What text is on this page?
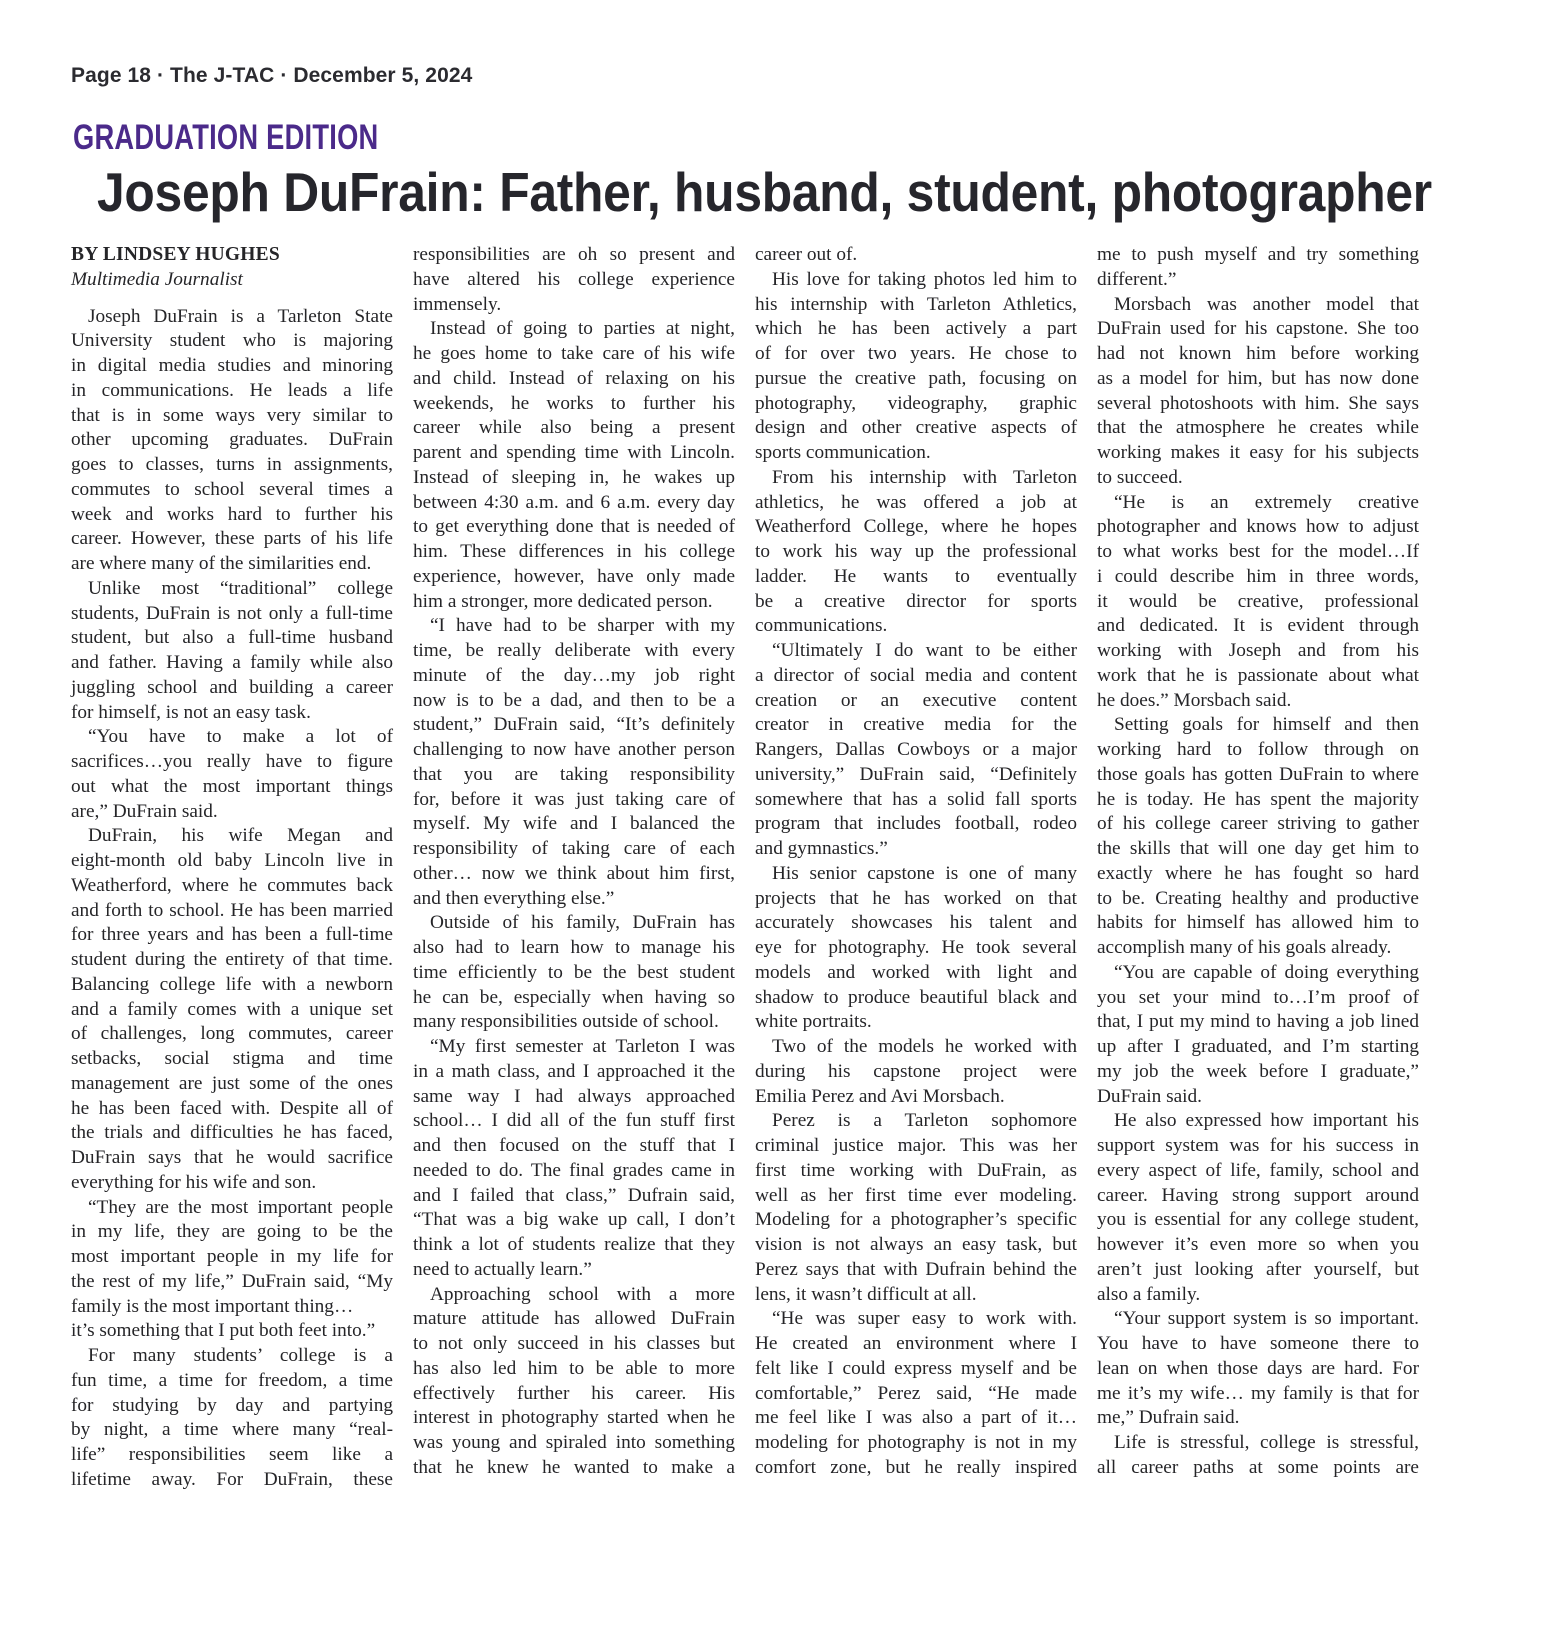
Page 18 · The J-TAC · December 5, 2024
GRADUATION EDITION
Joseph DuFrain: Father, husband, student, photographer
BY LINDSEY HUGHES
Multimedia Journalist
Joseph DuFrain is a Tarleton State
University student who is majoring
in digital media studies and minoring
in communications. He leads a life
that is in some ways very similar to
other upcoming graduates. DuFrain
goes to classes, turns in assignments,
commutes to school several times a
week and works hard to further his
career. However, these parts of his life
are where many of the similarities end.
Unlike most “traditional” college
students, DuFrain is not only a full-time
student, but also a full-time husband
and father. Having a family while also
juggling school and building a career
for himself, is not an easy task.
“You have to make a lot of
sacrifices…you really have to figure
out what the most important things
are,” DuFrain said.
DuFrain, his wife Megan and
eight-month old baby Lincoln live in
Weatherford, where he commutes back
and forth to school. He has been married
for three years and has been a full-time
student during the entirety of that time.
Balancing college life with a newborn
and a family comes with a unique set
of challenges, long commutes, career
setbacks, social stigma and time
management are just some of the ones
he has been faced with. Despite all of
the trials and difficulties he has faced,
DuFrain says that he would sacrifice
everything for his wife and son.
“They are the most important people
in my life, they are going to be the
most important people in my life for
the rest of my life,” DuFrain said, “My
family is the most important thing…
it’s something that I put both feet into.”
For many students’ college is a
fun time, a time for freedom, a time
for studying by day and partying
by night, a time where many “real-
life” responsibilities seem like a
lifetime away. For DuFrain, these
responsibilities are oh so present and
have altered his college experience
immensely.
Instead of going to parties at night,
he goes home to take care of his wife
and child. Instead of relaxing on his
weekends, he works to further his
career while also being a present
parent and spending time with Lincoln.
Instead of sleeping in, he wakes up
between 4:30 a.m. and 6 a.m. every day
to get everything done that is needed of
him. These differences in his college
experience, however, have only made
him a stronger, more dedicated person.
“I have had to be sharper with my
time, be really deliberate with every
minute of the day…my job right
now is to be a dad, and then to be a
student,” DuFrain said, “It’s definitely
challenging to now have another person
that you are taking responsibility
for, before it was just taking care of
myself. My wife and I balanced the
responsibility of taking care of each
other… now we think about him first,
and then everything else.”
Outside of his family, DuFrain has
also had to learn how to manage his
time efficiently to be the best student
he can be, especially when having so
many responsibilities outside of school.
“My first semester at Tarleton I was
in a math class, and I approached it the
same way I had always approached
school… I did all of the fun stuff first
and then focused on the stuff that I
needed to do. The final grades came in
and I failed that class,” Dufrain said,
“That was a big wake up call, I don’t
think a lot of students realize that they
need to actually learn.”
Approaching school with a more
mature attitude has allowed DuFrain
to not only succeed in his classes but
has also led him to be able to more
effectively further his career. His
interest in photography started when he
was young and spiraled into something
that he knew he wanted to make a
career out of.
His love for taking photos led him to
his internship with Tarleton Athletics,
which he has been actively a part
of for over two years. He chose to
pursue the creative path, focusing on
photography, videography, graphic
design and other creative aspects of
sports communication.
From his internship with Tarleton
athletics, he was offered a job at
Weatherford College, where he hopes
to work his way up the professional
ladder. He wants to eventually
be a creative director for sports
communications.
“Ultimately I do want to be either
a director of social media and content
creation or an executive content
creator in creative media for the
Rangers, Dallas Cowboys or a major
university,” DuFrain said, “Definitely
somewhere that has a solid fall sports
program that includes football, rodeo
and gymnastics.”
His senior capstone is one of many
projects that he has worked on that
accurately showcases his talent and
eye for photography. He took several
models and worked with light and
shadow to produce beautiful black and
white portraits.
Two of the models he worked with
during his capstone project were
Emilia Perez and Avi Morsbach.
Perez is a Tarleton sophomore
criminal justice major. This was her
first time working with DuFrain, as
well as her first time ever modeling.
Modeling for a photographer’s specific
vision is not always an easy task, but
Perez says that with Dufrain behind the
lens, it wasn’t difficult at all.
“He was super easy to work with.
He created an environment where I
felt like I could express myself and be
comfortable,” Perez said, “He made
me feel like I was also a part of it…
modeling for photography is not in my
comfort zone, but he really inspired
me to push myself and try something
different.”
Morsbach was another model that
DuFrain used for his capstone. She too
had not known him before working
as a model for him, but has now done
several photoshoots with him. She says
that the atmosphere he creates while
working makes it easy for his subjects
to succeed.
“He is an extremely creative
photographer and knows how to adjust
to what works best for the model…If
i could describe him in three words,
it would be creative, professional
and dedicated. It is evident through
working with Joseph and from his
work that he is passionate about what
he does.” Morsbach said.
Setting goals for himself and then
working hard to follow through on
those goals has gotten DuFrain to where
he is today. He has spent the majority
of his college career striving to gather
the skills that will one day get him to
exactly where he has fought so hard
to be. Creating healthy and productive
habits for himself has allowed him to
accomplish many of his goals already.
“You are capable of doing everything
you set your mind to…I’m proof of
that, I put my mind to having a job lined
up after I graduated, and I’m starting
my job the week before I graduate,”
DuFrain said.
He also expressed how important his
support system was for his success in
every aspect of life, family, school and
career. Having strong support around
you is essential for any college student,
however it’s even more so when you
aren’t just looking after yourself, but
also a family.
“Your support system is so important.
You have to have someone there to
lean on when those days are hard. For
me it’s my wife… my family is that for
me,” Dufrain said.
Life is stressful, college is stressful,
all career paths at some points are
